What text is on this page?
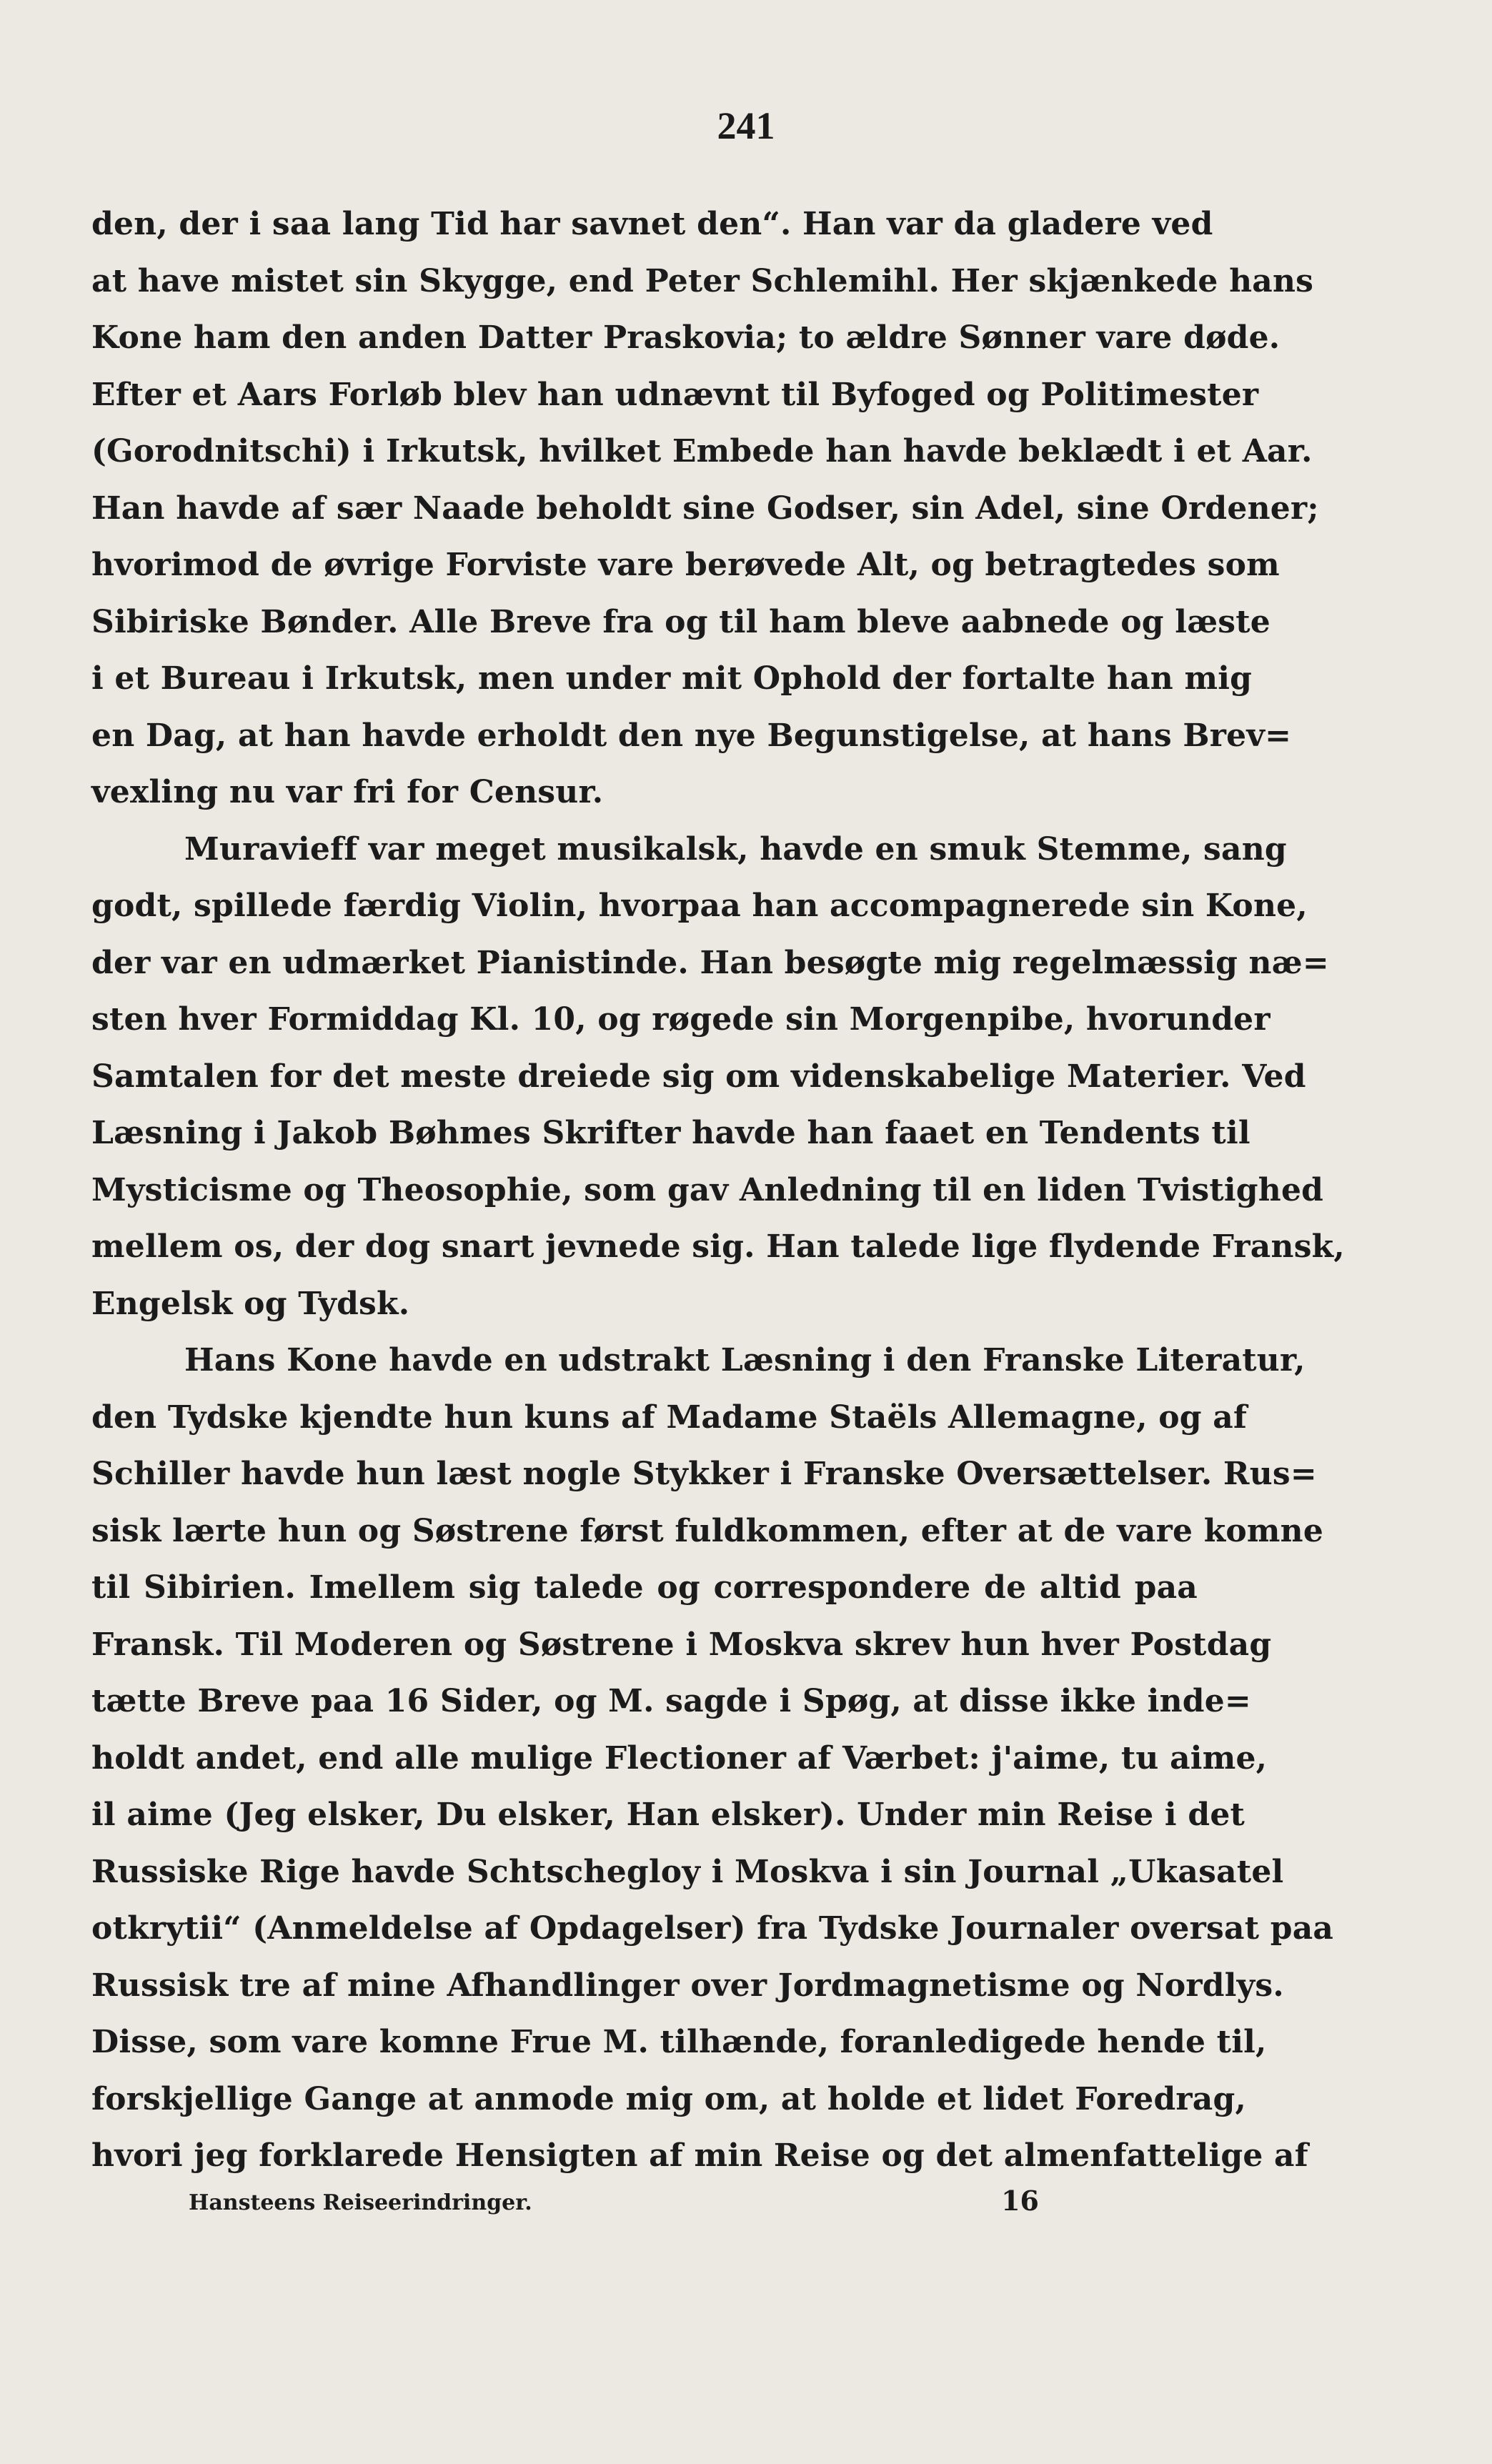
241
den, der i saa lang Tid har savnet den“. Han var da gladere ved
at have mistet sin Skygge, end Peter Schlemihl. Her skjænkede hans
Kone ham den anden Datter Praskovia; to ældre Sønner vare døde.
Efter et Aars Forløb blev han udnævnt til Byfoged og Politimester
(Gorodnitschi) i Irkutsk, hvilket Embede han havde beklædt i et Aar.
Han havde af sær Naade beholdt sine Godser, sin Adel, sine Ordener;
hvorimod de øvrige Forviste vare berøvede Alt, og betragtedes som
Sibiriske Bønder. Alle Breve fra og til ham bleve aabnede og læste
i et Bureau i Irkutsk, men under mit Ophold der fortalte han mig
en Dag, at han havde erholdt den nye Begunstigelse, at hans Brev=
vexling nu var fri for Censur.
Muravieff var meget musikalsk, havde en smuk Stemme, sang
godt, spillede færdig Violin, hvorpaa han accompagnerede sin Kone,
der var en udmærket Pianistinde. Han besøgte mig regelmæssig næ=
sten hver Formiddag Kl. 10, og røgede sin Morgenpibe, hvorunder
Samtalen for det meste dreiede sig om videnskabelige Materier. Ved
Læsning i Jakob Bøhmes Skrifter havde han faaet en Tendents til
Mysticisme og Theosophie, som gav Anledning til en liden Tvistighed
mellem os, der dog snart jevnede sig. Han talede lige flydende Fransk,
Engelsk og Tydsk.
Hans Kone havde en udstrakt Læsning i den Franske Literatur,
den Tydske kjendte hun kuns af Madame Staëls Allemagne, og af
Schiller havde hun læst nogle Stykker i Franske Oversættelser. Rus=
sisk lærte hun og Søstrene først fuldkommen, efter at de vare komne
til Sibirien. Imellem sig talede og correspondere de altid paa
Fransk. Til Moderen og Søstrene i Moskva skrev hun hver Postdag
tætte Breve paa 16 Sider, og M. sagde i Spøg, at disse ikke inde=
holdt andet, end alle mulige Flectioner af Værbet: j'aime, tu aime,
il aime (Jeg elsker, Du elsker, Han elsker). Under min Reise i det
Russiske Rige havde Schtschegloy i Moskva i sin Journal „Ukasatel
otkrytii“ (Anmeldelse af Opdagelser) fra Tydske Journaler oversat paa
Russisk tre af mine Afhandlinger over Jordmagnetisme og Nordlys.
Disse, som vare komne Frue M. tilhænde, foranledigede hende til,
forskjellige Gange at anmode mig om, at holde et lidet Foredrag,
hvori jeg forklarede Hensigten af min Reise og det almenfattelige af
Hansteens Reiseerindringer.	16
